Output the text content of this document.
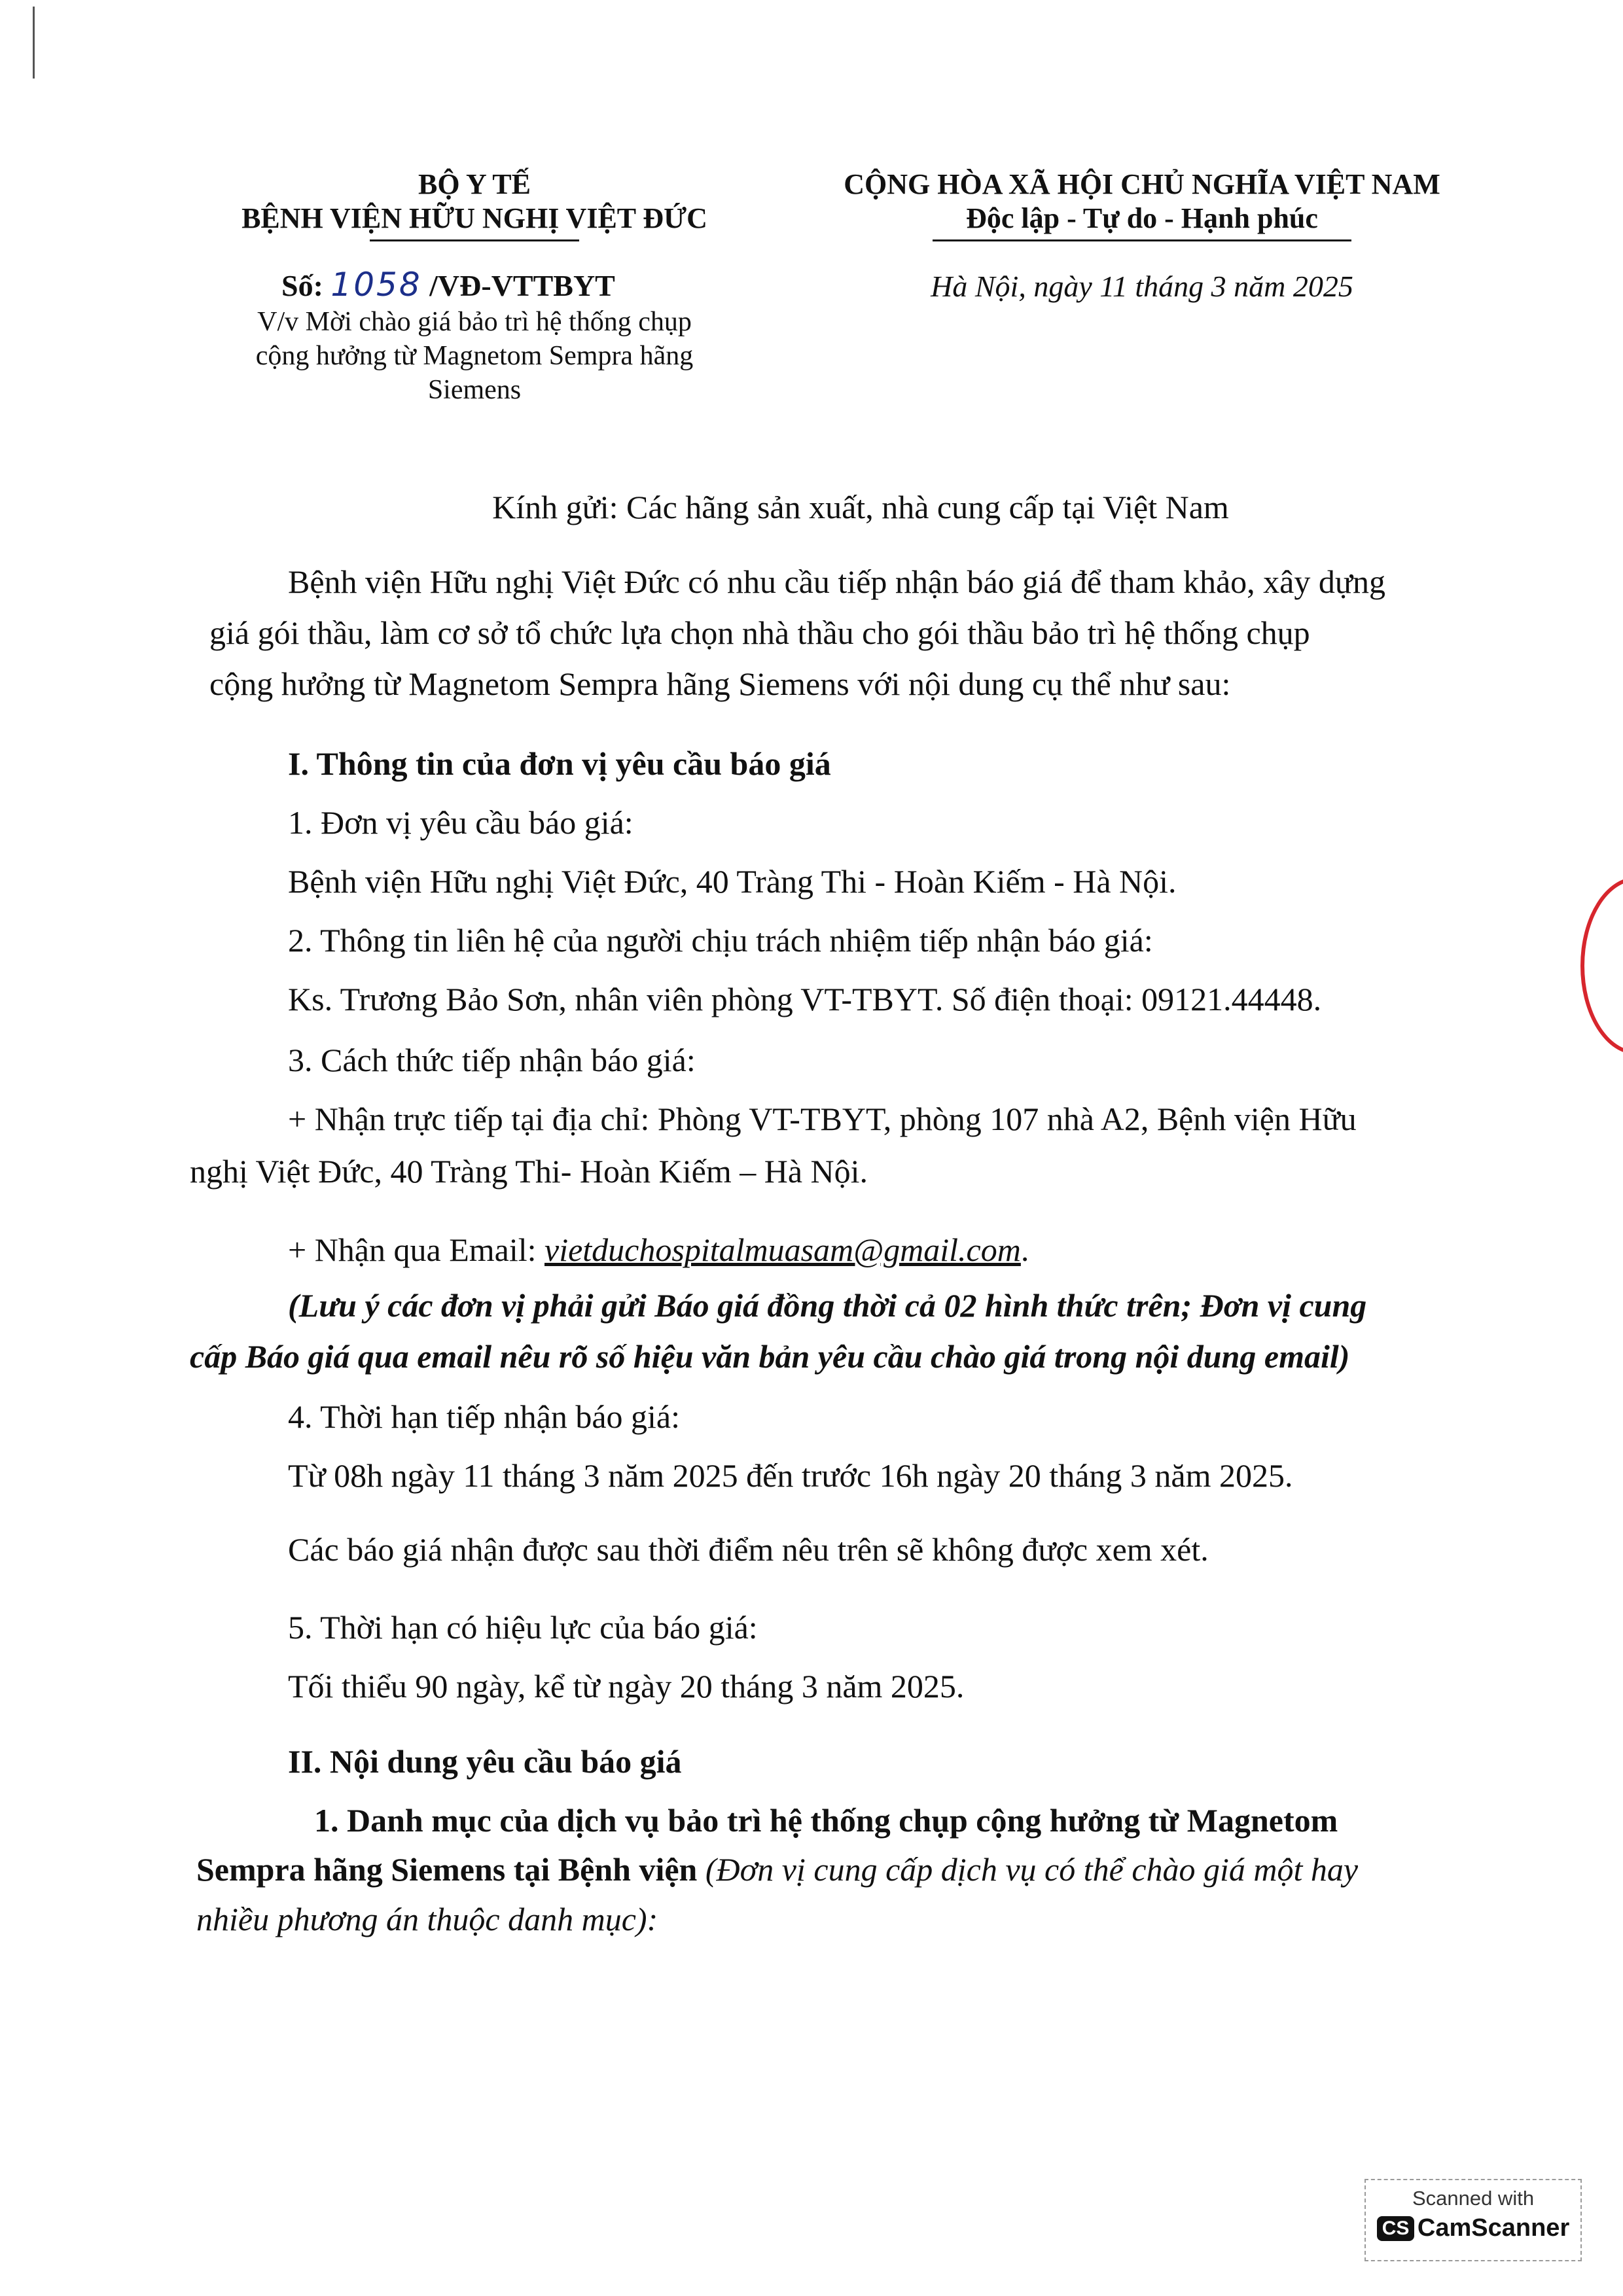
BỘ Y TẾ
BỆNH VIỆN HỮU NGHỊ VIỆT ĐỨC
Số: 1058 /VĐ-VTTBYT
V/v Mời chào giá bảo trì hệ thống chụp
cộng hưởng từ Magnetom Sempra hãng
Siemens
CỘNG HÒA XÃ HỘI CHỦ NGHĨA VIỆT NAM
Độc lập - Tự do - Hạnh phúc
Hà Nội, ngày 11 tháng 3 năm 2025
Kính gửi: Các hãng sản xuất, nhà cung cấp tại Việt Nam
Bệnh viện Hữu nghị Việt Đức có nhu cầu tiếp nhận báo giá để tham khảo, xây dựng
giá gói thầu, làm cơ sở tổ chức lựa chọn nhà thầu cho gói thầu bảo trì hệ thống chụp
cộng hưởng từ Magnetom Sempra hãng Siemens với nội dung cụ thể như sau:
I. Thông tin của đơn vị yêu cầu báo giá
1. Đơn vị yêu cầu báo giá:
Bệnh viện Hữu nghị Việt Đức, 40 Tràng Thi - Hoàn Kiếm - Hà Nội.
2. Thông tin liên hệ của người chịu trách nhiệm tiếp nhận báo giá:
Ks. Trương Bảo Sơn, nhân viên phòng VT-TBYT. Số điện thoại: 09121.44448.
3. Cách thức tiếp nhận báo giá:
+ Nhận trực tiếp tại địa chỉ: Phòng VT-TBYT, phòng 107 nhà A2, Bệnh viện Hữu
nghị Việt Đức, 40 Tràng Thi- Hoàn Kiếm – Hà Nội.
+ Nhận qua Email: vietduchospitalmuasam@gmail.com.
(Lưu ý các đơn vị phải gửi Báo giá đồng thời cả 02 hình thức trên; Đơn vị cung
cấp Báo giá qua email nêu rõ số hiệu văn bản yêu cầu chào giá trong nội dung email)
4. Thời hạn tiếp nhận báo giá:
Từ 08h ngày 11 tháng 3 năm 2025 đến trước 16h ngày 20 tháng 3 năm 2025.
Các báo giá nhận được sau thời điểm nêu trên sẽ không được xem xét.
5. Thời hạn có hiệu lực của báo giá:
Tối thiểu 90 ngày, kể từ ngày 20 tháng 3 năm 2025.
II. Nội dung yêu cầu báo giá
1. Danh mục của dịch vụ bảo trì hệ thống chụp cộng hưởng từ Magnetom
Sempra hãng Siemens tại Bệnh viện (Đơn vị cung cấp dịch vụ có thể chào giá một hay
nhiều phương án thuộc danh mục):
Scanned with
CS CamScanner
